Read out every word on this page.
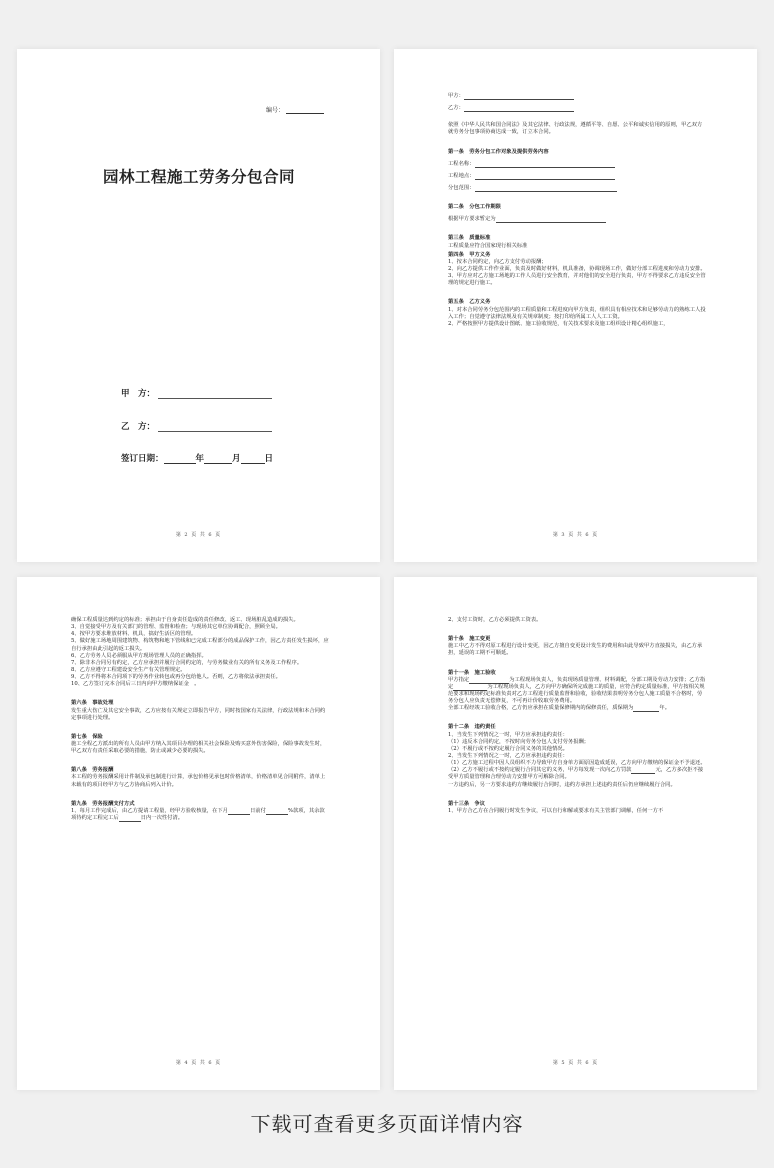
编号：
园林工程施工劳务分包合同
甲　方：
乙　方：
签订日期：	年	月	日
第 2 页 共 6 页
甲方：
乙方：

依照《中华人民共和国合同法》及其它法律、行政法规，遵循平等、自愿、公平和诚实信用的原则，甲乙双方就劳务分包事项协商达成一致，订立本合同。

第一条　劳务分包工作对象及提供劳务内容

工程名称：
工程地点：
分包范围：

第二条　分包工作期限

根据甲方要求暂定为

第三条　质量标准

工程质量应符合国家现行相关标准

第四条　甲方义务

1、按本合同约定，向乙方支付劳动报酬；

2、向乙方提供工作作业面，负责及时做好材料，机具准备，协调现场工作，做好分部工程进度和劳动力安排。

3、甲方应对乙方施工场地的工作人员进行安全教育，并对他们的安全进行负责，甲方不得要求乙方违反安全管理的规定进行施工。

第五条　乙方义务

1、对本合同劳务分包范围内的工程质量和工程进度向甲方负责，组织具有相应技术和足够劳动力的熟练工人投入工作；自觉遵守法律法规及有关规章制度；按打印给所属工人人工工资。

2、严格按照甲方提供设计图纸、施工验收规范，有关技术要求及施工组织设计精心组织施工，

第 3 页 共 6 页

确保工程质量达到约定的标准；承担由于自身责任造成的责任修改、返工、现场脏乱造成的损失。

3、自觉接受甲方及有关部门的管理、监督和检查；与现场其它单位协调配合，照顾全局。

4、按甲方要求堆放材料、机具，搞好生活区的管理。

5、做好施工场地周围建筑物、构筑物和地下管线和已完成工程部分的成品保护工作，因乙方责任发生损坏，应自行承担由此引起的返工损失。

6、乙方劳务人员必须服从甲方现场管理人员的正确指挥。

7、除非本合同另有约定，乙方应承担并履行合同约定的，与劳务做业有关的所有义务及工作程序。

8、乙方应遵守工程建设安全生产有关管理规定。

9、乙方不得将本合同项下的劳务作业转包或再分包给他人。否则，乙方将依法承担责任。

10、乙方签订完本合同后三日内向甲方缴纳保证金　。

第六条　事故处理

发生重大伤亡及其它安全事故，乙方应按有关规定立即报告甲方，同时按国家有关法律，行政法规和本合同约定事项进行处理。

第七条　保险

施工全程乙方派出的所有人员由甲方纳入其项目办理的相关社会保险及购买意外伤害保险，保险事故发生时，甲乙双方有责任采取必要的措施，防止或减少必要的损失。

第八条　劳务报酬

本工程的劳务报酬采用计件制及承包制进行计算，承包价格见承包时价格清单，价格清单见合同附件，清单上未载有的项目经甲方与乙方协商后列入计价。

第九条　劳务报酬支付方式

1、每月工作完成后，由乙方提请工程量，经甲方验收核量，在下月	日前付	%款项，其余款项待约定工程完工后	日内一次性付清。

第 4 页 共 6 页

2、支付工资时，乙方必须提供工资表。

第十条　施工变更

施工中乙方不得对原工程进行设计变更，因乙方擅自变更设计发生的费用和由此导致甲方直接损失，由乙方承担，延误的工期不可顺延。

第十一条　施工验收

甲方指定	为工程现场负责人，负责现场质量管理、材料调配，分部工期及劳动力安排；乙方指定	为工程现场负责人，乙方向甲方确保所完成施工的质量，应符合约定质量标准，甲方按相关规范要求和现场约定标准负责对乙方工程进行质量监督和验收，验收结果表明劳务分包人施工质量不合格时，劳务分包人应负责无偿修复，不可再计价收取劳务费用。

全部工程经竣工验收合格，乙方仍应承担在质量保修期内的保修责任，质保期为	年。

第十二条　违约责任

1、当发生下列情况之一时，甲方应承担违约责任：

（1）违反本合同约定，不按时向劳务分包人支付劳务报酬；

（2）不履行或不按约定履行合同义务的其他情况。

2、当发生下列情况之一时，乙方应承担违约责任：

（1）乙方施工过程中因人员组织不力导致甲方自身单方面原因造成延误，乙方向甲方缴纳的保证金不予退还。

（2）乙方不履行或不按约定履行合同其它的义务，甲方每发现一次向乙方罚款	元，乙方多次拒不接受甲方质量管理和合理劳动力安排甲方可解除合同。

一方违约后，另一方要求违约方继续履行合同时，违约方承担上述违约责任后仍应继续履行合同。

第十三条　争议

1、甲方合乙方在合同履行时发生争议，可以自行和解或要求有关主管部门调解，任何一方不

第 5 页 共 6 页
下载可查看更多页面详情内容
